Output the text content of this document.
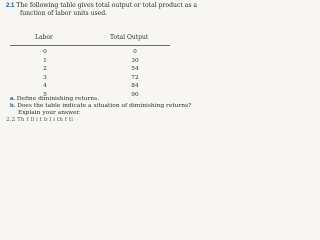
2.1 The following table gives total output or total product as a
function of labor units used.
Labor	Total Output
0	0
1	30
2	54
3	72
4	84
5	90
a. Define diminishing returns.
b. Does the table indicate a situation of diminishing returns?
Explain your answer.
2.2 Th f ll i t b l i th f ti
